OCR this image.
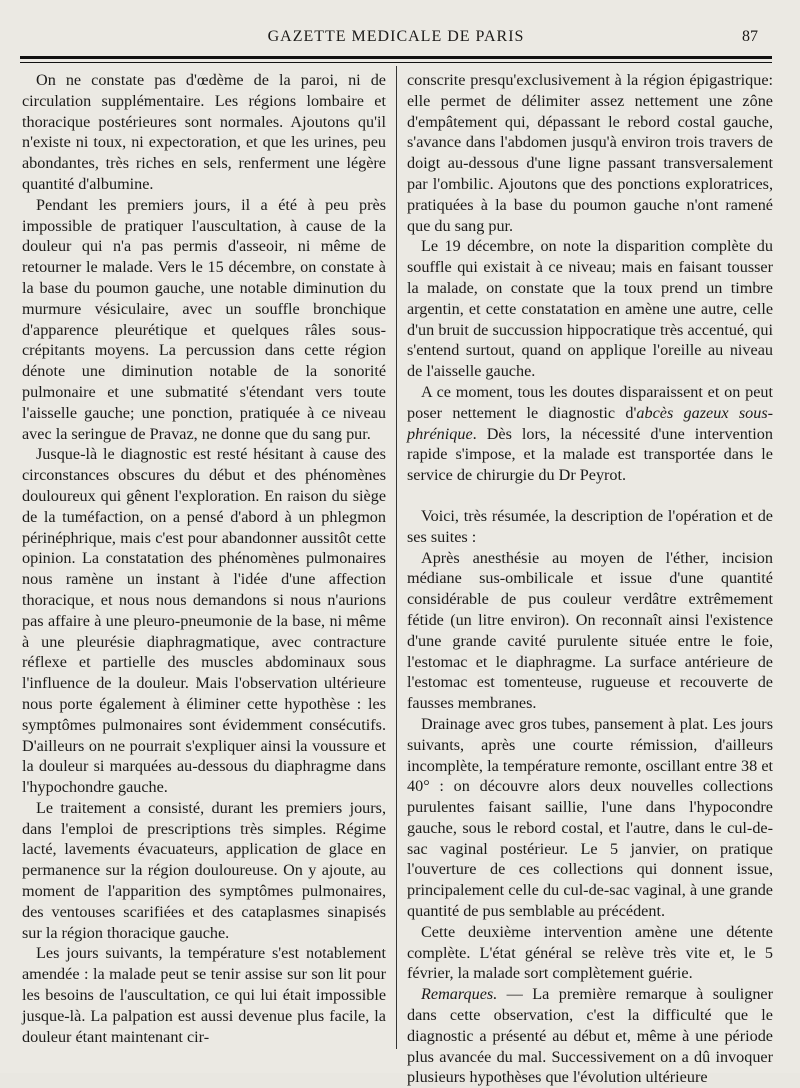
GAZETTE MEDICALE DE PARIS	87

On ne constate pas d'œdème de la paroi, ni de circulation supplémentaire. Les régions lombaire et thoracique postérieures sont normales. Ajoutons qu'il n'existe ni toux, ni expectoration, et que les urines, peu abondantes, très riches en sels, renferment une légère quantité d'albumine.

Pendant les premiers jours, il a été à peu près impossible de pratiquer l'auscultation, à cause de la douleur qui n'a pas permis d'asseoir, ni même de retourner le malade. Vers le 15 décembre, on constate à la base du poumon gauche, une notable diminution du murmure vésiculaire, avec un souffle bronchique d'apparence pleurétique et quelques râles sous-crépitants moyens. La percussion dans cette région dénote une diminution notable de la sonorité pulmonaire et une submatité s'étendant vers toute l'aisselle gauche; une ponction, pratiquée à ce niveau avec la seringue de Pravaz, ne donne que du sang pur.

Jusque-là le diagnostic est resté hésitant à cause des circonstances obscures du début et des phénomènes douloureux qui gênent l'exploration. En raison du siège de la tuméfaction, on a pensé d'abord à un phlegmon périnéphrique, mais c'est pour abandonner aussitôt cette opinion. La constatation des phénomènes pulmonaires nous ramène un instant à l'idée d'une affection thoracique, et nous nous demandons si nous n'aurions pas affaire à une pleuro-pneumonie de la base, ni même à une pleurésie diaphragmatique, avec contracture réflexe et partielle des muscles abdominaux sous l'influence de la douleur. Mais l'observation ultérieure nous porte également à éliminer cette hypothèse : les symptômes pulmonaires sont évidemment consécutifs. D'ailleurs on ne pourrait s'expliquer ainsi la voussure et la douleur si marquées au-dessous du diaphragme dans l'hypochondre gauche.

Le traitement a consisté, durant les premiers jours, dans l'emploi de prescriptions très simples. Régime lacté, lavements évacuateurs, application de glace en permanence sur la région douloureuse. On y ajoute, au moment de l'apparition des symptômes pulmonaires, des ventouses scarifiées et des cataplasmes sinapisés sur la région thoracique gauche.

Les jours suivants, la température s'est notablement amendée : la malade peut se tenir assise sur son lit pour les besoins de l'auscultation, ce qui lui était impossible jusque-là. La palpation est aussi devenue plus facile, la douleur étant maintenant cir-

conscrite presqu'exclusivement à la région épigastrique: elle permet de délimiter assez nettement une zône d'empâtement qui, dépassant le rebord costal gauche, s'avance dans l'abdomen jusqu'à environ trois travers de doigt au-dessous d'une ligne passant transversalement par l'ombilic. Ajoutons que des ponctions exploratrices, pratiquées à la base du poumon gauche n'ont ramené que du sang pur.

Le 19 décembre, on note la disparition complète du souffle qui existait à ce niveau; mais en faisant tousser la malade, on constate que la toux prend un timbre argentin, et cette constatation en amène une autre, celle d'un bruit de succussion hippocratique très accentué, qui s'entend surtout, quand on applique l'oreille au niveau de l'aisselle gauche.

A ce moment, tous les doutes disparaissent et on peut poser nettement le diagnostic d'abcès gazeux sous-phrénique. Dès lors, la nécessité d'une intervention rapide s'impose, et la malade est transportée dans le service de chirurgie du Dr Peyrot.

Voici, très résumée, la description de l'opération et de ses suites :

Après anesthésie au moyen de l'éther, incision médiane sus-ombilicale et issue d'une quantité considérable de pus couleur verdâtre extrêmement fétide (un litre environ). On reconnaît ainsi l'existence d'une grande cavité purulente située entre le foie, l'estomac et le diaphragme. La surface antérieure de l'estomac est tomenteuse, rugueuse et recouverte de fausses membranes.

Drainage avec gros tubes, pansement à plat. Les jours suivants, après une courte rémission, d'ailleurs incomplète, la température remonte, oscillant entre 38 et 40° : on découvre alors deux nouvelles collections purulentes faisant saillie, l'une dans l'hypocondre gauche, sous le rebord costal, et l'autre, dans le cul-de-sac vaginal postérieur. Le 5 janvier, on pratique l'ouverture de ces collections qui donnent issue, principalement celle du cul-de-sac vaginal, à une grande quantité de pus semblable au précédent.

Cette deuxième intervention amène une détente complète. L'état général se relève très vite et, le 5 février, la malade sort complètement guérie.

Remarques. — La première remarque à souligner dans cette observation, c'est la difficulté que le diagnostic a présenté au début et, même à une période plus avancée du mal. Successivement on a dû invoquer plusieurs hypothèses que l'évolution ultérieure
